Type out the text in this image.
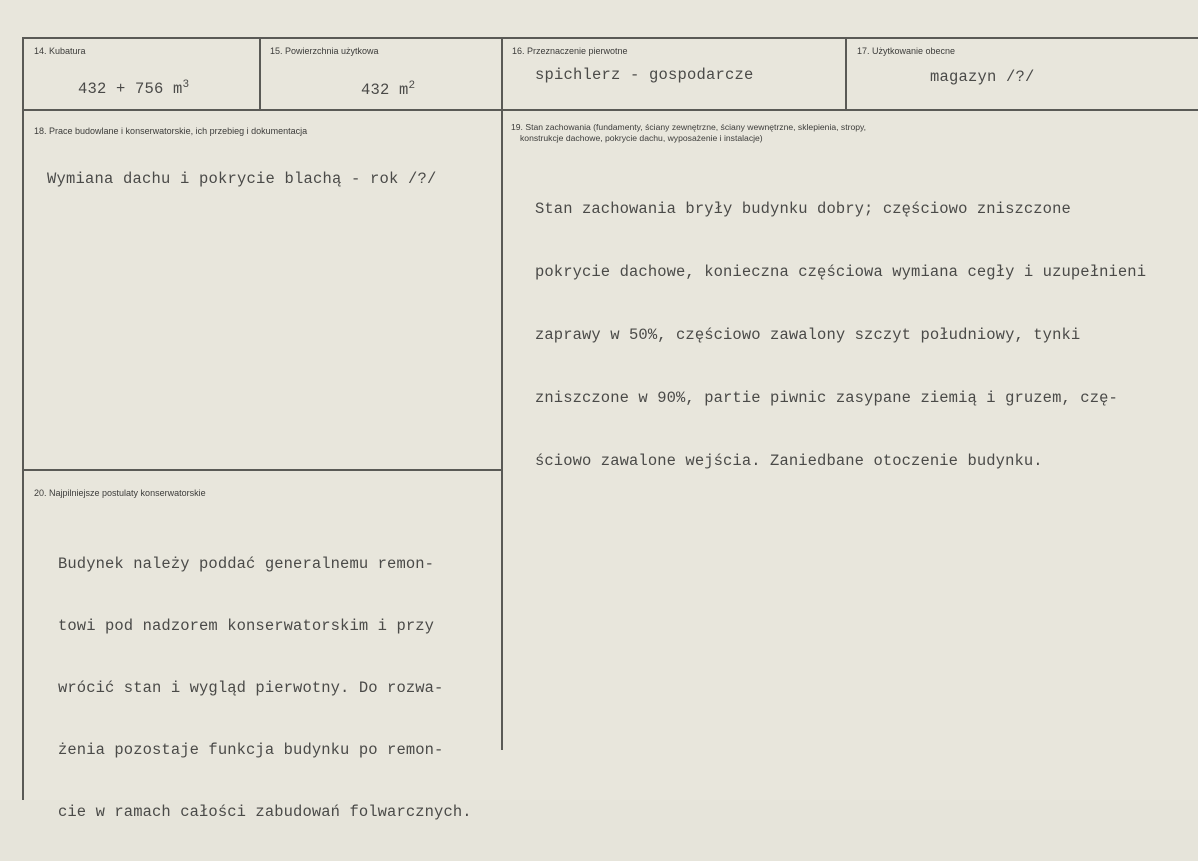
14. Kubatura

432 + 756 $m^3$

15. Powierzchnia użytkowa

432 $m^2$

16. Przeznaczenie pierwotne
spichlerz - gospodarcze
17. Użytkowanie obecne
magazyn /?/
18. Prace budowlane i konserwatorskie, ich przebieg i dokumentacja
Wymiana dachu i pokrycie blachą - rok /?/
19. Stan zachowania (fundamenty, ściany zewnętrzne, ściany wewnętrzne, sklepienia, stropy,
konstrukcje dachowe, pokrycie dachu, wyposażenie i instalacje)

Stan zachowania bryły budynku dobry; częściowo zniszczone

pokrycie dachowe, konieczna częściowa wymiana cegły i uzupełnieni

zaprawy w 50%, częściowo zawalony szczyt południowy, tynki

zniszczone w 90%, partie piwnic zasypane ziemią i gruzem, czę-

ściowo zawalone wejścia. Zaniedbane otoczenie budynku.

20. Najpilniejsze postulaty konserwatorskie

Budynek należy poddać generalnemu remon-

towi pod nadzorem konserwatorskim i przy

wrócić stan i wygląd pierwotny. Do rozwa-

żenia pozostaje funkcja budynku po remon-

cie w ramach całości zabudowań folwarcznych.
